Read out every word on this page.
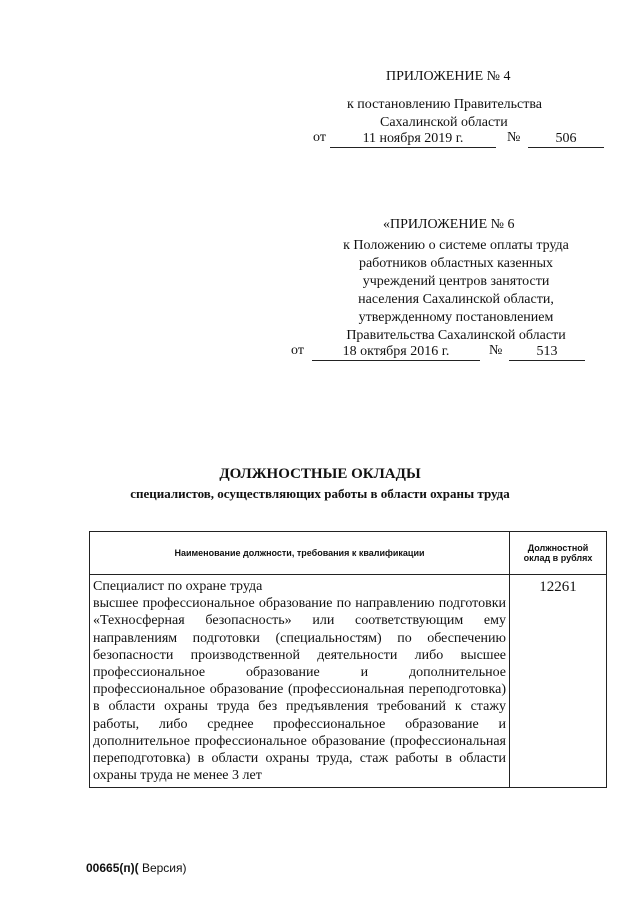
ПРИЛОЖЕНИЕ № 4
к постановлению Правительства
Сахалинской области
от	11 ноября 2019 г.	№	506
«ПРИЛОЖЕНИЕ № 6
к Положению о системе оплаты труда
работников областных казенных
учреждений центров занятости
населения Сахалинской области,
утвержденному постановлением
Правительства Сахалинской области
от	18 октября 2016 г.	№	513
ДОЛЖНОСТНЫЕ ОКЛАДЫ
специалистов, осуществляющих работы в области охраны труда
Наименование должности, требования к квалификации	Должностной
оклад в рублях

Специалист по охране труда
высшее профессиональное образование по направлению подготовки «Техносферная безопасность» или соответствующим ему направлениям подготовки (специальностям) по обеспечению безопасности производственной деятельности либо высшее профессиональное образование и дополнительное профессиональное образование (профессиональная переподготовка) в области охраны труда без предъявления требований к стажу работы, либо среднее профессиональное образование и дополнительное профессиональное образование (профессиональная переподготовка) в области охраны труда, стаж работы в области охраны труда не менее 3 лет	12261
00665(п)( Версия)
